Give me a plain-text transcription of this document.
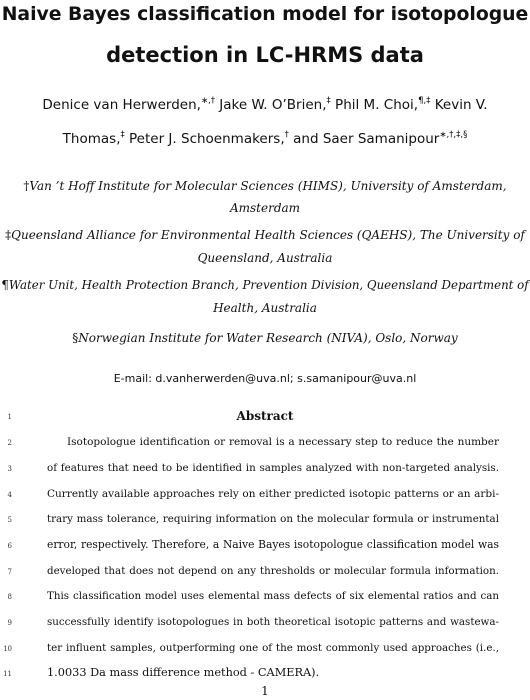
Naive Bayes classification model for isotopologue
detection in LC-HRMS data
Denice van Herwerden,∗,† Jake W. O’Brien,‡ Phil M. Choi,¶,‡ Kevin V.
Thomas,‡ Peter J. Schoenmakers,† and Saer Samanipour∗,†,‡,§
†Van ’t Hoff Institute for Molecular Sciences (HIMS), University of Amsterdam,
Amsterdam
‡Queensland Alliance for Environmental Health Sciences (QAEHS), The University of
Queensland, Australia
¶Water Unit, Health Protection Branch, Prevention Division, Queensland Department of
Health, Australia
§Norwegian Institute for Water Research (NIVA), Oslo, Norway
E-mail: d.vanherwerden@uva.nl; s.samanipour@uva.nl
Abstract
1
2
3
4
5
6
7
8
9
10
11
Isotopologue identification or removal is a necessary step to reduce the number
of features that need to be identified in samples analyzed with non-targeted analysis.
Currently available approaches rely on either predicted isotopic patterns or an arbi-
trary mass tolerance, requiring information on the molecular formula or instrumental
error, respectively. Therefore, a Naive Bayes isotopologue classification model was
developed that does not depend on any thresholds or molecular formula information.
This classification model uses elemental mass defects of six elemental ratios and can
successfully identify isotopologues in both theoretical isotopic patterns and wastewa-
ter influent samples, outperforming one of the most commonly used approaches (i.e.,
1.0033 Da mass difference method - CAMERA).
1
